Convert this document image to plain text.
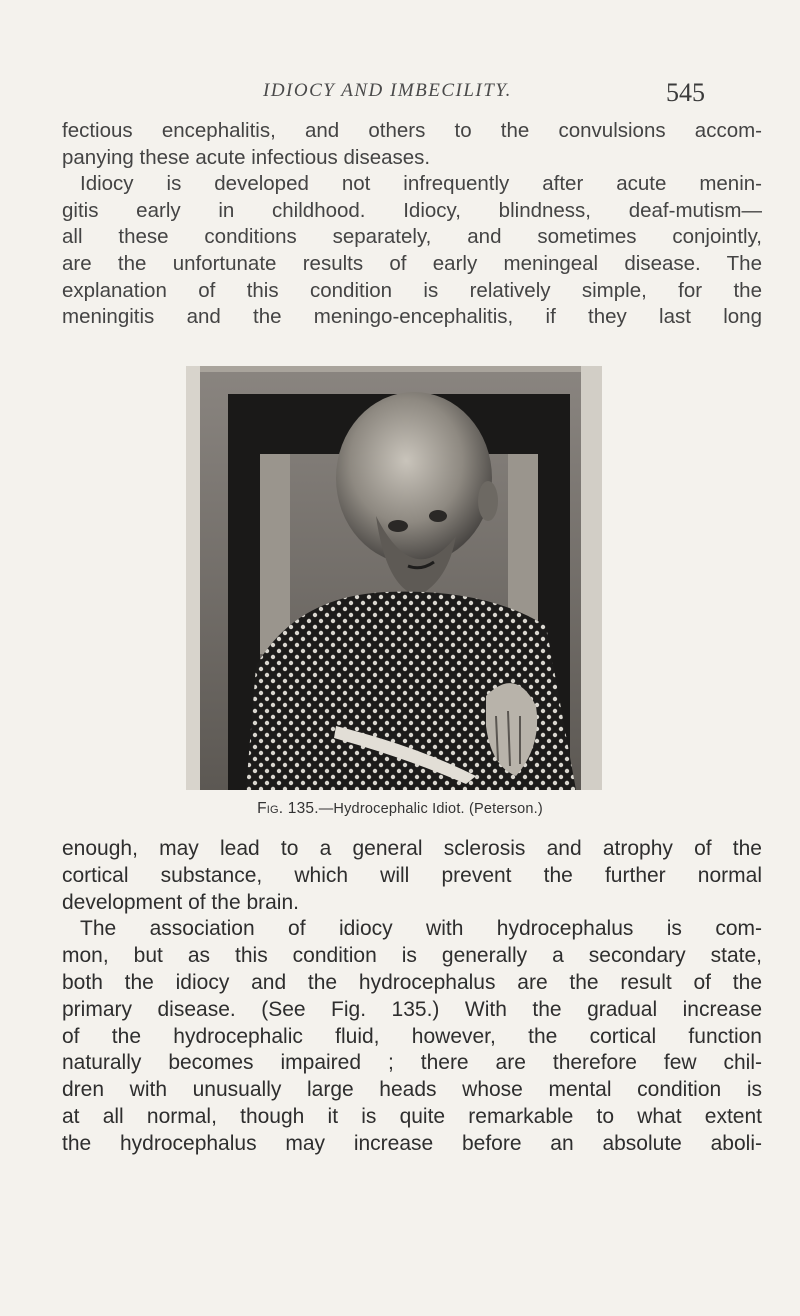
IDIOCY AND IMBECILITY.	545
fectious encephalitis, and others to the convulsions accom-
panying these acute infectious diseases.
Idiocy is developed not infrequently after acute menin-
gitis early in childhood. Idiocy, blindness, deaf-mutism—
all these conditions separately, and sometimes conjointly,
are the unfortunate results of early meningeal disease. The
explanation of this condition is relatively simple, for the
meningitis and the meningo-encephalitis, if they last long
Fig. 135.—Hydrocephalic Idiot. (Peterson.)
enough, may lead to a general sclerosis and atrophy of the
cortical substance, which will prevent the further normal
development of the brain.
The association of idiocy with hydrocephalus is com-
mon, but as this condition is generally a secondary state,
both the idiocy and the hydrocephalus are the result of the
primary disease. (See Fig. 135.) With the gradual increase
of the hydrocephalic fluid, however, the cortical function
naturally becomes impaired ; there are therefore few chil-
dren with unusually large heads whose mental condition is
at all normal, though it is quite remarkable to what extent
the hydrocephalus may increase before an absolute aboli-
